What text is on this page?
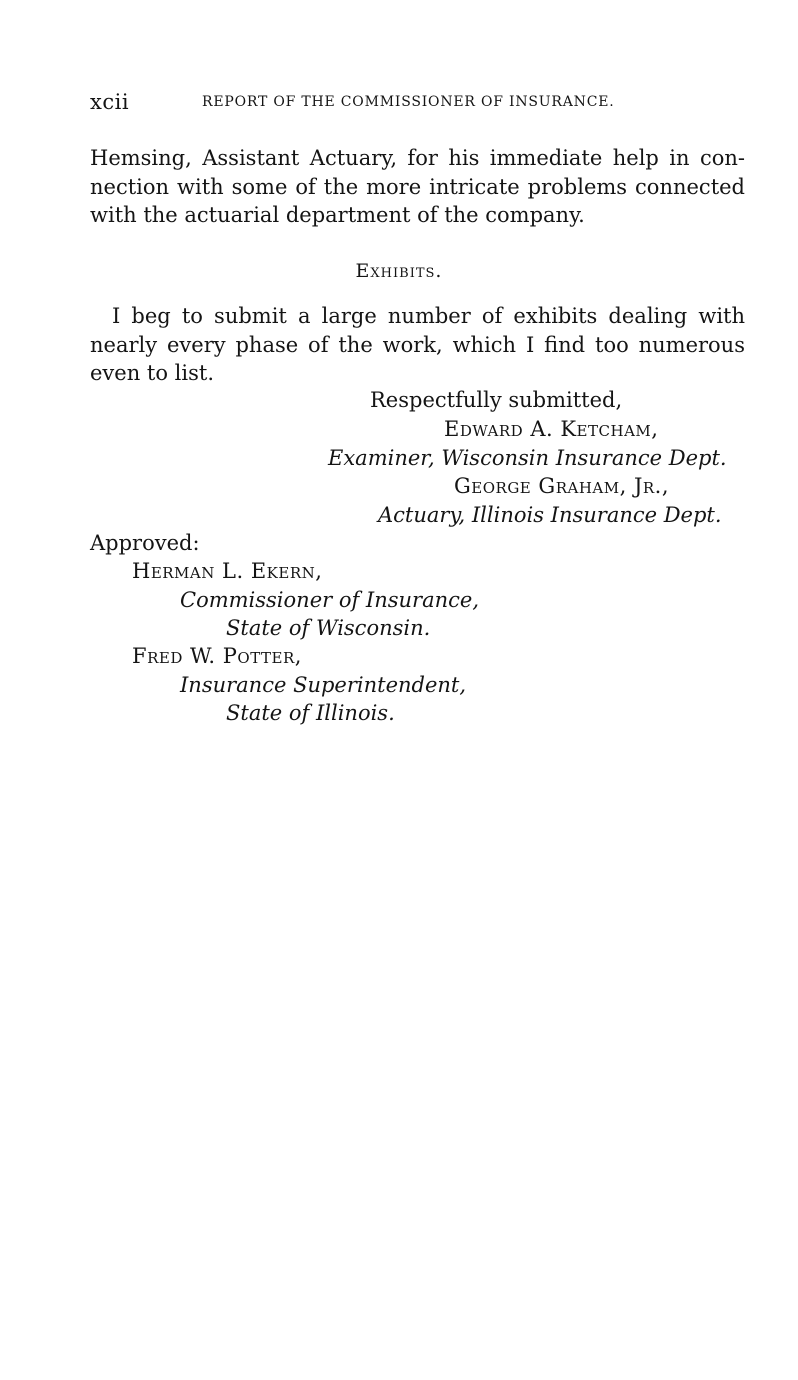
xcii	REPORT OF THE COMMISSIONER OF INSURANCE.

Hemsing, Assistant Actuary, for his immediate help in con-
nection with some of the more intricate problems connected
with the actuarial department of the company.

Exhibits.

I beg to submit a large number of exhibits dealing with
nearly every phase of the work, which I find too numerous
even to list.

Respectfully submitted,
Edward A. Ketcham,
Examiner, Wisconsin Insurance Dept.
George Graham, Jr.,
Actuary, Illinois Insurance Dept.
Approved:
Herman L. Ekern,
Commissioner of Insurance,
State of Wisconsin.
Fred W. Potter,
Insurance Superintendent,
State of Illinois.
